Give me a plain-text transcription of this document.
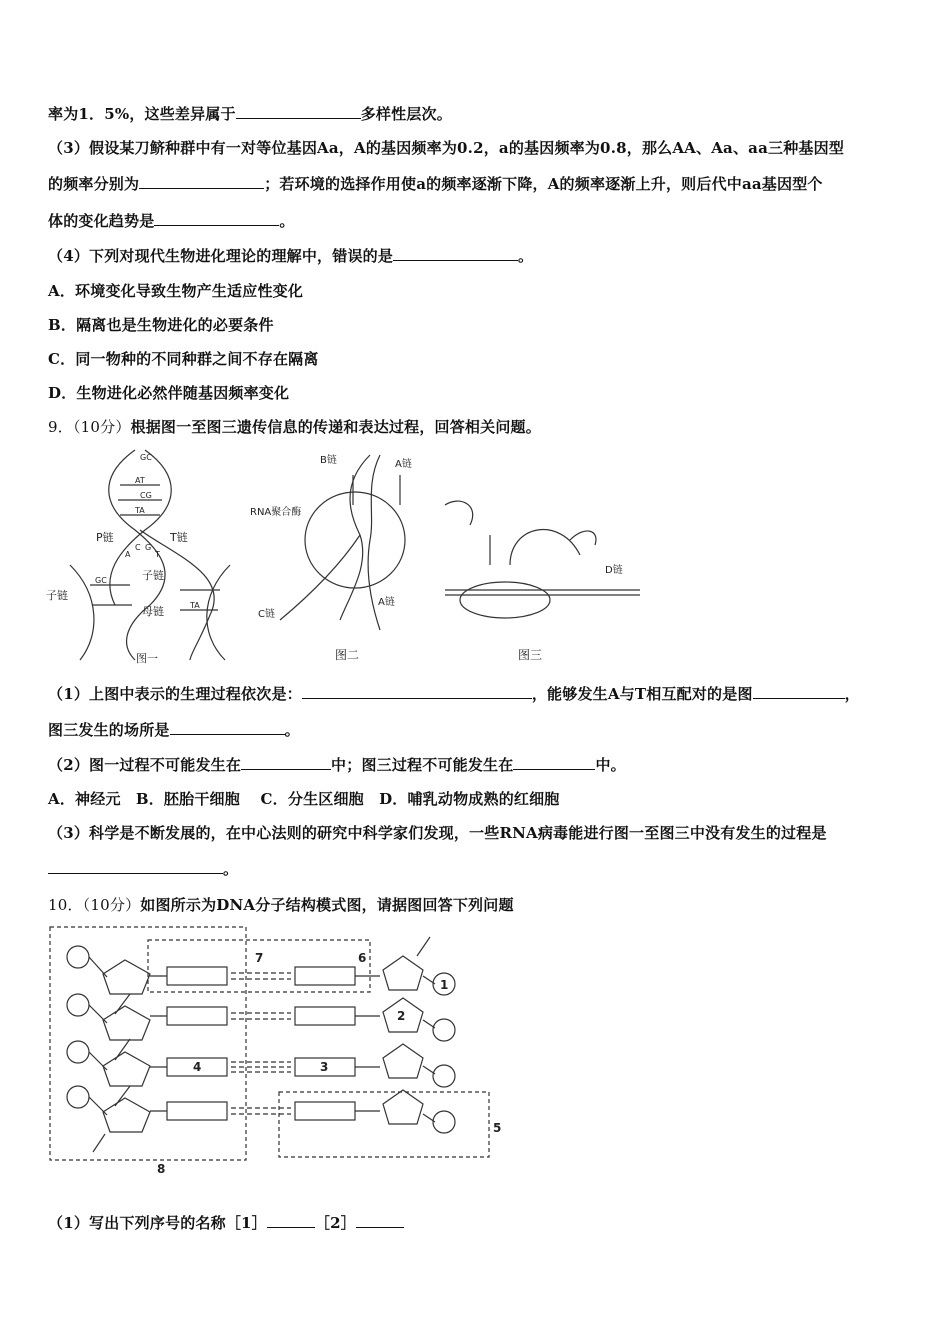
率为1．5%，这些差异属于	多样性层次。
（3）假设某刀鲚种群中有一对等位基因Aa，A的基因频率为0.2，a的基因频率为0.8，那么AA、Aa、aa三种基因型
的频率分别为	；若环境的选择作用使a的频率逐渐下降，A的频率逐渐上升，则后代中aa基因型个
体的变化趋势是	。
（4）下列对现代生物进化理论的理解中，错误的是	。
A．环境变化导致生物产生适应性变化
B．隔离也是生物进化的必要条件
C．同一物种的不同种群之间不存在隔离
D．生物进化必然伴随基因频率变化
9．（10分）根据图一至图三遗传信息的传递和表达过程，回答相关问题。
GC
AT
CG
TA
GC
C G
A	T
TA
P链	T链
子链
子链
母链
图一
B链	A链
RNA聚合酶
C链
A链
图二
D链
图三
（1）上图中表示的生理过程依次是：	，能够发生A与T相互配对的是图	，
图三发生的场所是	。
（2）图一过程不可能发生在	中；图三过程不可能发生在	中。
A．神经元　B．胚胎干细胞　 C．分生区细胞　D．哺乳动物成熟的红细胞
（3）科学是不断发展的，在中心法则的研究中科学家们发现，一些RNA病毒能进行图一至图三中没有发生的过程是
。
10．（10分）如图所示为DNA分子结构模式图，请据图回答下列问题
1
2
3
4
5
6
7
8
（1）写出下列序号的名称［1］	［2］
